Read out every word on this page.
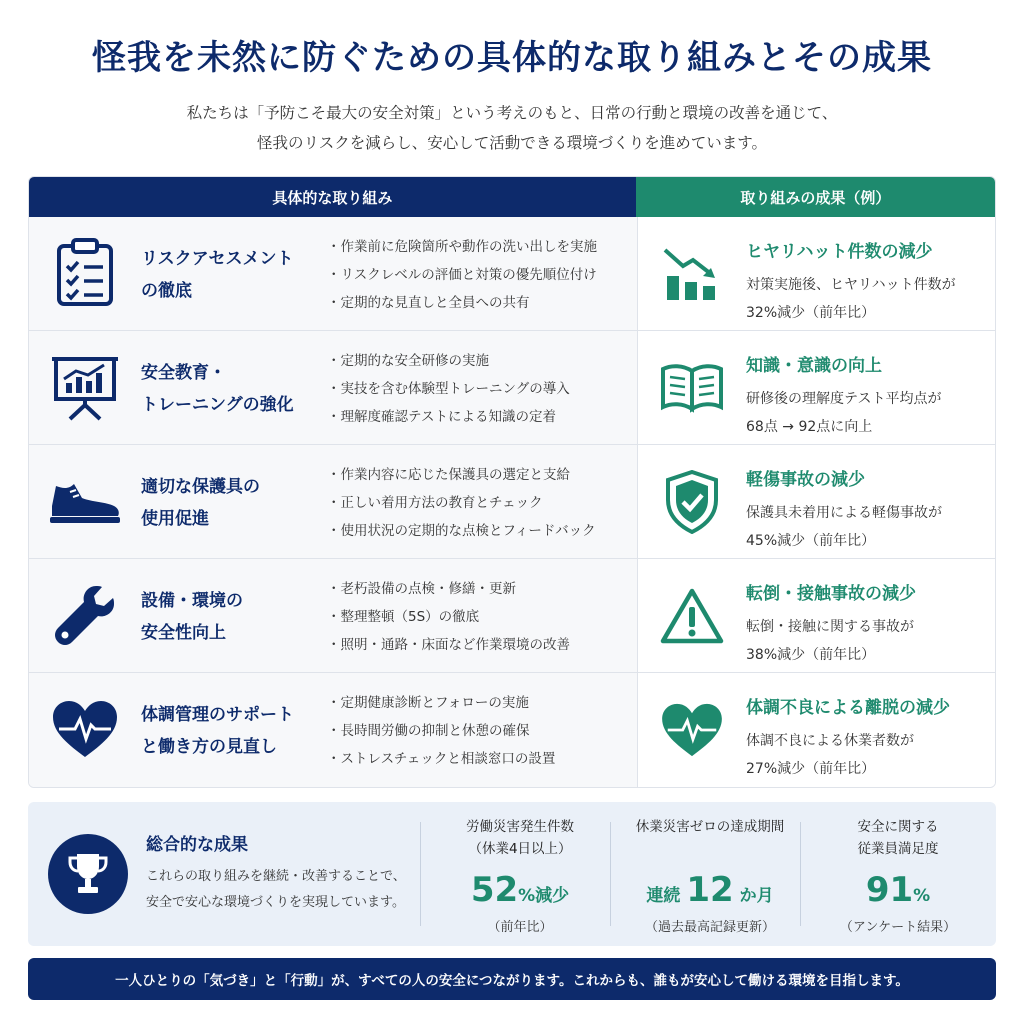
怪我を未然に防ぐための具体的な取り組みとその成果
私たちは「予防こそ最大の安全対策」という考えのもと、日常の行動と環境の改善を通じて、
怪我のリスクを減らし、安心して活動できる環境づくりを進めています。
具体的な取り組み	取り組みの成果（例）
リスクアセスメント
の徹底
・ 作業前に危険箇所や動作の洗い出しを実施
・ リスクレベルの評価と対策の優先順位付け
・ 定期的な見直しと全員への共有
ヒヤリハット件数の減少
対策実施後、ヒヤリハット件数が
32%減少（前年比）
安全教育・
トレーニングの強化
・ 定期的な安全研修の実施
・ 実技を含む体験型トレーニングの導入
・ 理解度確認テストによる知識の定着
知識・意識の向上
研修後の理解度テスト平均点が
68点 → 92点に向上
適切な保護具の
使用促進
・ 作業内容に応じた保護具の選定と支給
・ 正しい着用方法の教育とチェック
・ 使用状況の定期的な点検とフィードバック
軽傷事故の減少
保護具未着用による軽傷事故が
45%減少（前年比）
設備・環境の
安全性向上
・ 老朽設備の点検・修繕・更新
・ 整理整頓（5S）の徹底
・ 照明・通路・床面など作業環境の改善
転倒・接触事故の減少
転倒・接触に関する事故が
38%減少（前年比）
体調管理のサポート
と働き方の見直し
・ 定期健康診断とフォローの実施
・ 長時間労働の抑制と休憩の確保
・ ストレスチェックと相談窓口の設置
体調不良による離脱の減少
体調不良による休業者数が
27%減少（前年比）
総合的な成果
これらの取り組みを継続・改善することで、
安全で安心な環境づくりを実現しています。
労働災害発生件数
（休業4日以上）
52%減少
（前年比）
休業災害ゼロの達成期間
連続 12 か月
（過去最高記録更新）
安全に関する
従業員満足度
91%
（アンケート結果）
一人ひとりの「気づき」と「行動」が、すべての人の安全につながります。これからも、誰もが安心して働ける環境を目指します。
